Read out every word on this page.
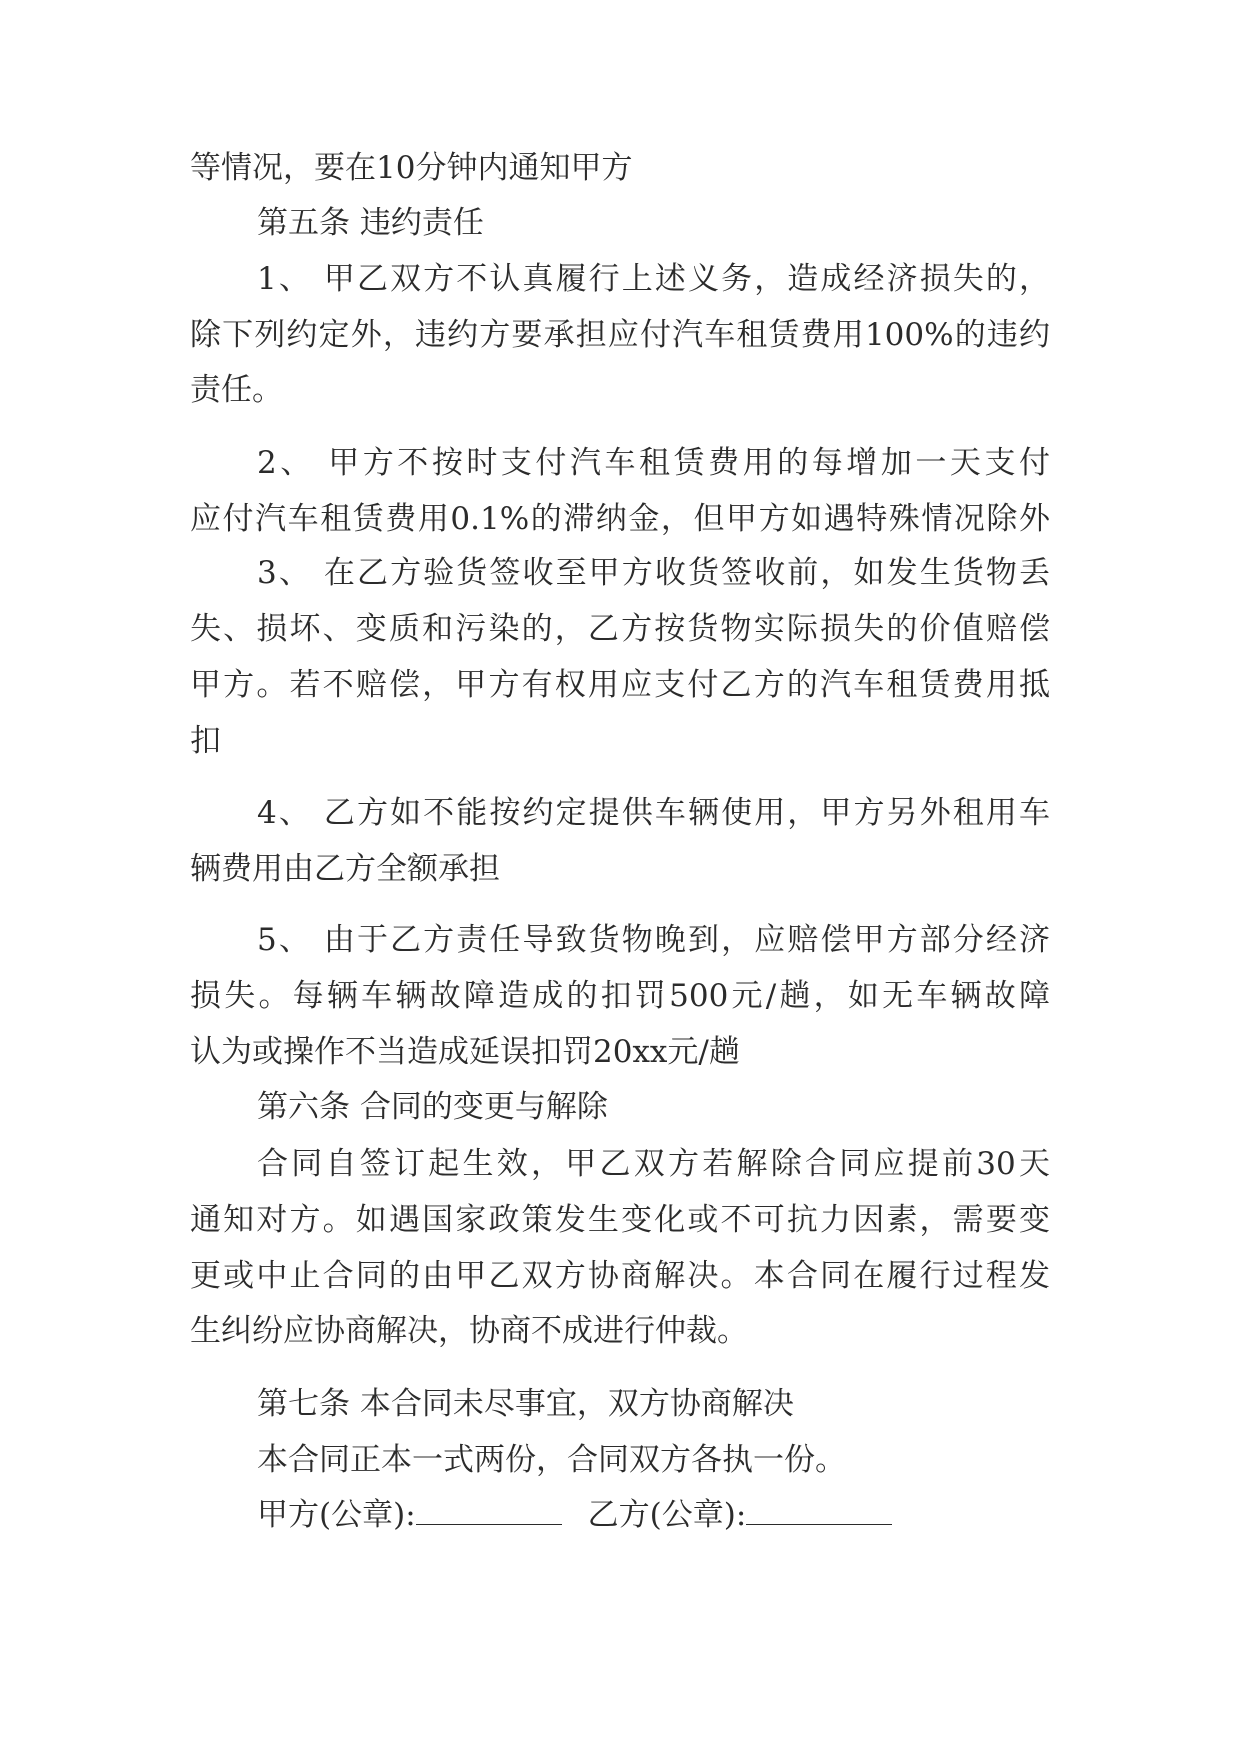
等情况，要在10分钟内通知甲方

第五条 违约责任

1、 甲乙双方不认真履行上述义务，造成经济损失的，

除下列约定外，违约方要承担应付汽车租赁费用100%的违约

责任。

2、 甲方不按时支付汽车租赁费用的每增加一天支付

应付汽车租赁费用0.1%的滞纳金，但甲方如遇特殊情况除外

3、 在乙方验货签收至甲方收货签收前，如发生货物丢

失、损坏、变质和污染的，乙方按货物实际损失的价值赔偿

甲方。若不赔偿，甲方有权用应支付乙方的汽车租赁费用抵

扣

4、 乙方如不能按约定提供车辆使用，甲方另外租用车

辆费用由乙方全额承担

5、 由于乙方责任导致货物晚到，应赔偿甲方部分经济

损失。每辆车辆故障造成的扣罚500元/趟，如无车辆故障

认为或操作不当造成延误扣罚20xx元/趟

第六条 合同的变更与解除

合同自签订起生效，甲乙双方若解除合同应提前30天

通知对方。如遇国家政策发生变化或不可抗力因素，需要变

更或中止合同的由甲乙双方协商解决。本合同在履行过程发

生纠纷应协商解决，协商不成进行仲裁。

第七条 本合同未尽事宜，双方协商解决

本合同正本一式两份，合同双方各执一份。

甲方(公章):	乙方(公章):
